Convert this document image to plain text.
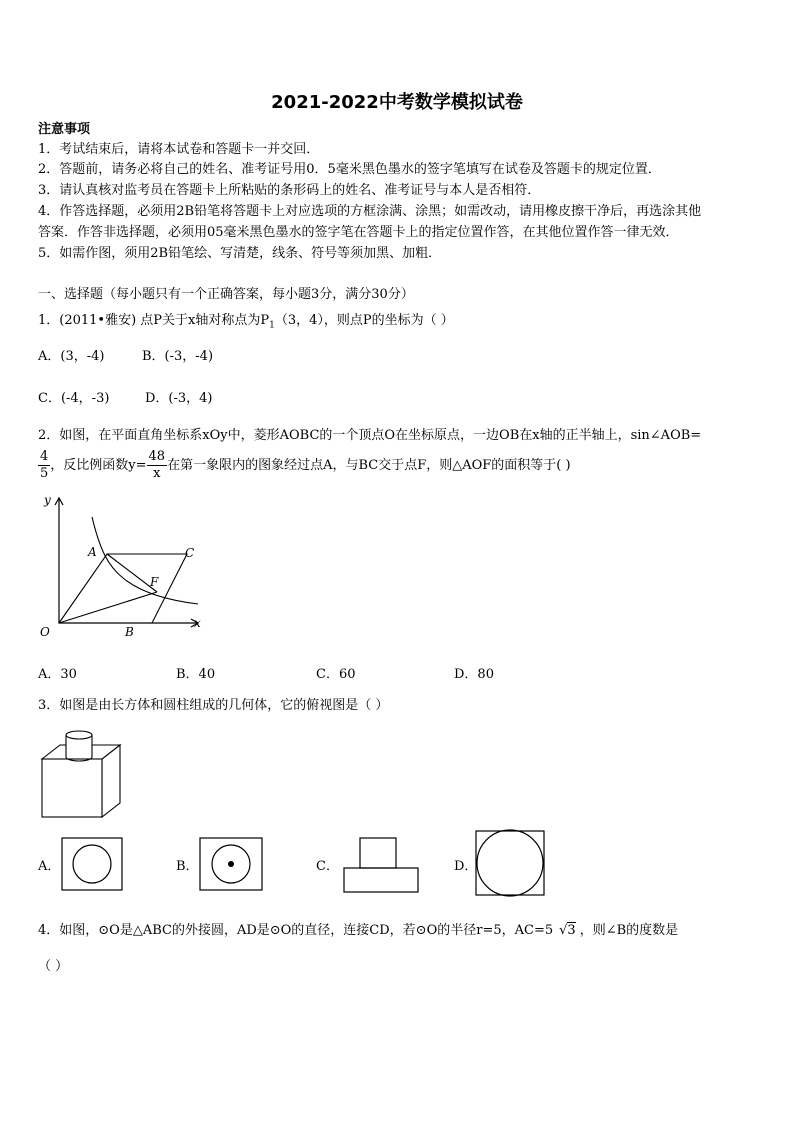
2021-2022中考数学模拟试卷
注意事项
1．考试结束后，请将本试卷和答题卡一并交回．
2．答题前，请务必将自己的姓名、准考证号用0．5毫米黑色墨水的签字笔填写在试卷及答题卡的规定位置．
3．请认真核对监考员在答题卡上所粘贴的条形码上的姓名、准考证号与本人是否相符．
4．作答选择题，必须用2B铅笔将答题卡上对应选项的方框涂满、涂黑；如需改动，请用橡皮擦干净后，再选涂其他
答案．作答非选择题，必须用05毫米黑色墨水的签字笔在答题卡上的指定位置作答，在其他位置作答一律无效．
5．如需作图，须用2B铅笔绘、写清楚，线条、符号等须加黑、加粗．
一、选择题（每小题只有一个正确答案，每小题3分，满分30分）
1．(2011•雅安) 点P关于x轴对称点为$P_1(3$，4），则点P的坐标为（ ）
A．(3，-4)	B．(-3，-4)
C．(-4，-3)	D．(-3，4)
2．如图，在平面直角坐标系xOy中，菱形AOBC的一个顶点O在坐标原点，一边OB在x轴的正半轴上，sin∠AOB=
$\frac{4}{5}$ ，反比例函数$y= \frac{48}{x}$ 在第一象限内的图象经过点A，与BC交于点F，则△AOF的面积等于( )
y
x
O
A
B
C
F
A．30	B．40	C．60	D．80
3．如图是由长方体和圆柱组成的几何体，它的俯视图是（ ）
A．	B．	C．	D．
4．如图，⊙O是△ABC的外接圆，AD是⊙O的直径，连接CD，若⊙O的半径r=5，AC=5 √3 ，则∠B的度数是
（ ）
